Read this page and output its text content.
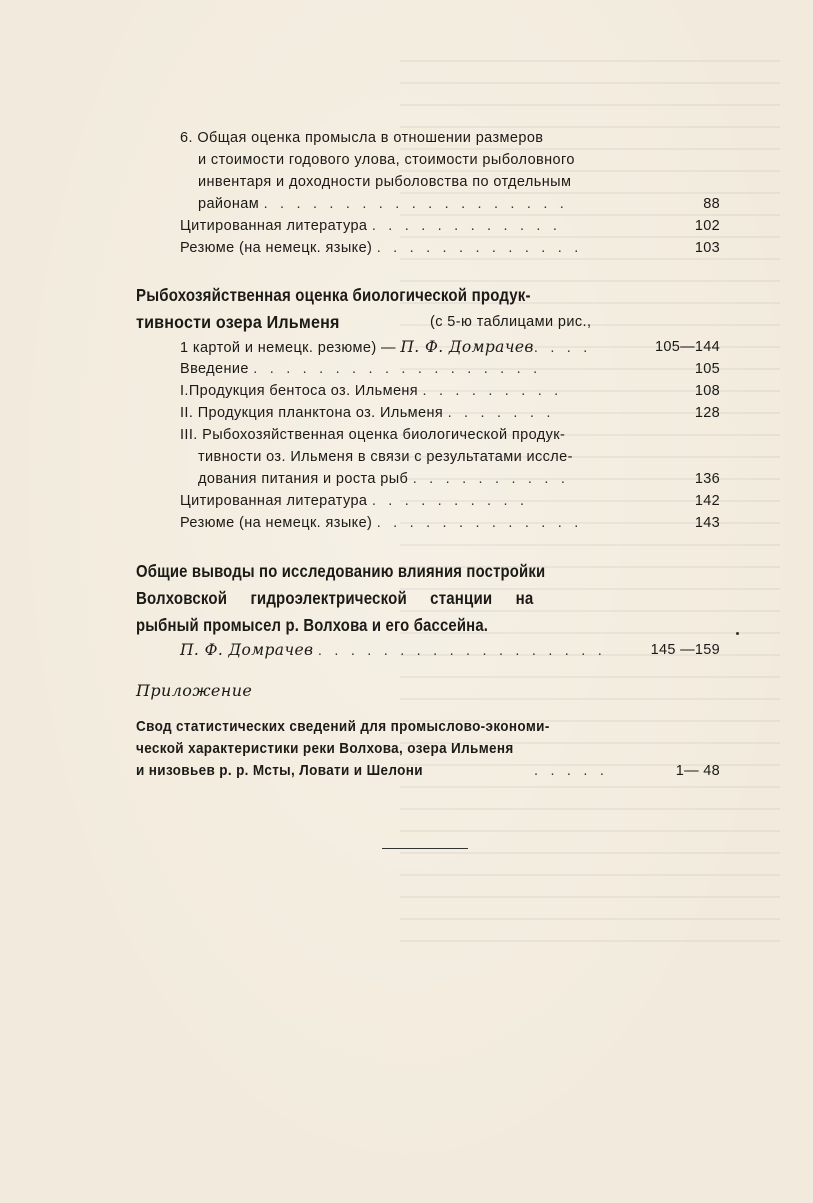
6. Общая оценка промысла в отношении размеров
и стоимости годового улова, стоимости рыболовного
инвентаря и доходности рыболовства по отдельным
районам . . . . . . . . . . . . . . . . . . .	88
Цитированная литература . . . . . . . . . . . .	102
Резюме (на немецк. языке) . . . . . . . . . . . . .	103
Рыбохозяйственная оценка биологической продук-
тивности озера Ильменя	(с 5-ю таблицами рис.,
1 картой и немецк. резюме) — П. Ф. Домрачев. . . .	105—144
Введение . . . . . . . . . . . . . . . . . .	105
I.Продукция бентоса оз. Ильменя . . . . . . . . .	108
II. Продукция планктона оз. Ильменя . . . . . . .	128
III. Рыбохозяйственная оценка биологической продук-
тивности оз. Ильменя в связи с результатами иссле-
дования питания и роста рыб . . . . . . . . . .	136
Цитированная литература . . . . . . . . . .	142
Резюме (на немецк. языке) . . . . . . . . . . . . .	143
Общие выводы по исследованию влияния постройки
Волховской гидроэлектрической станции на
рыбный промысел р. Волхова и его бассейна.
П. Ф. Домрачев . . . . . . . . . . . . . . . . . .	145 —159
Приложение
Свод статистических сведений для промыслово-экономи-
ческой характеристики реки Волхова, озера Ильменя
и низовьев р. р. Мсты, Ловати и Шелони	. . . . .	1— 48
